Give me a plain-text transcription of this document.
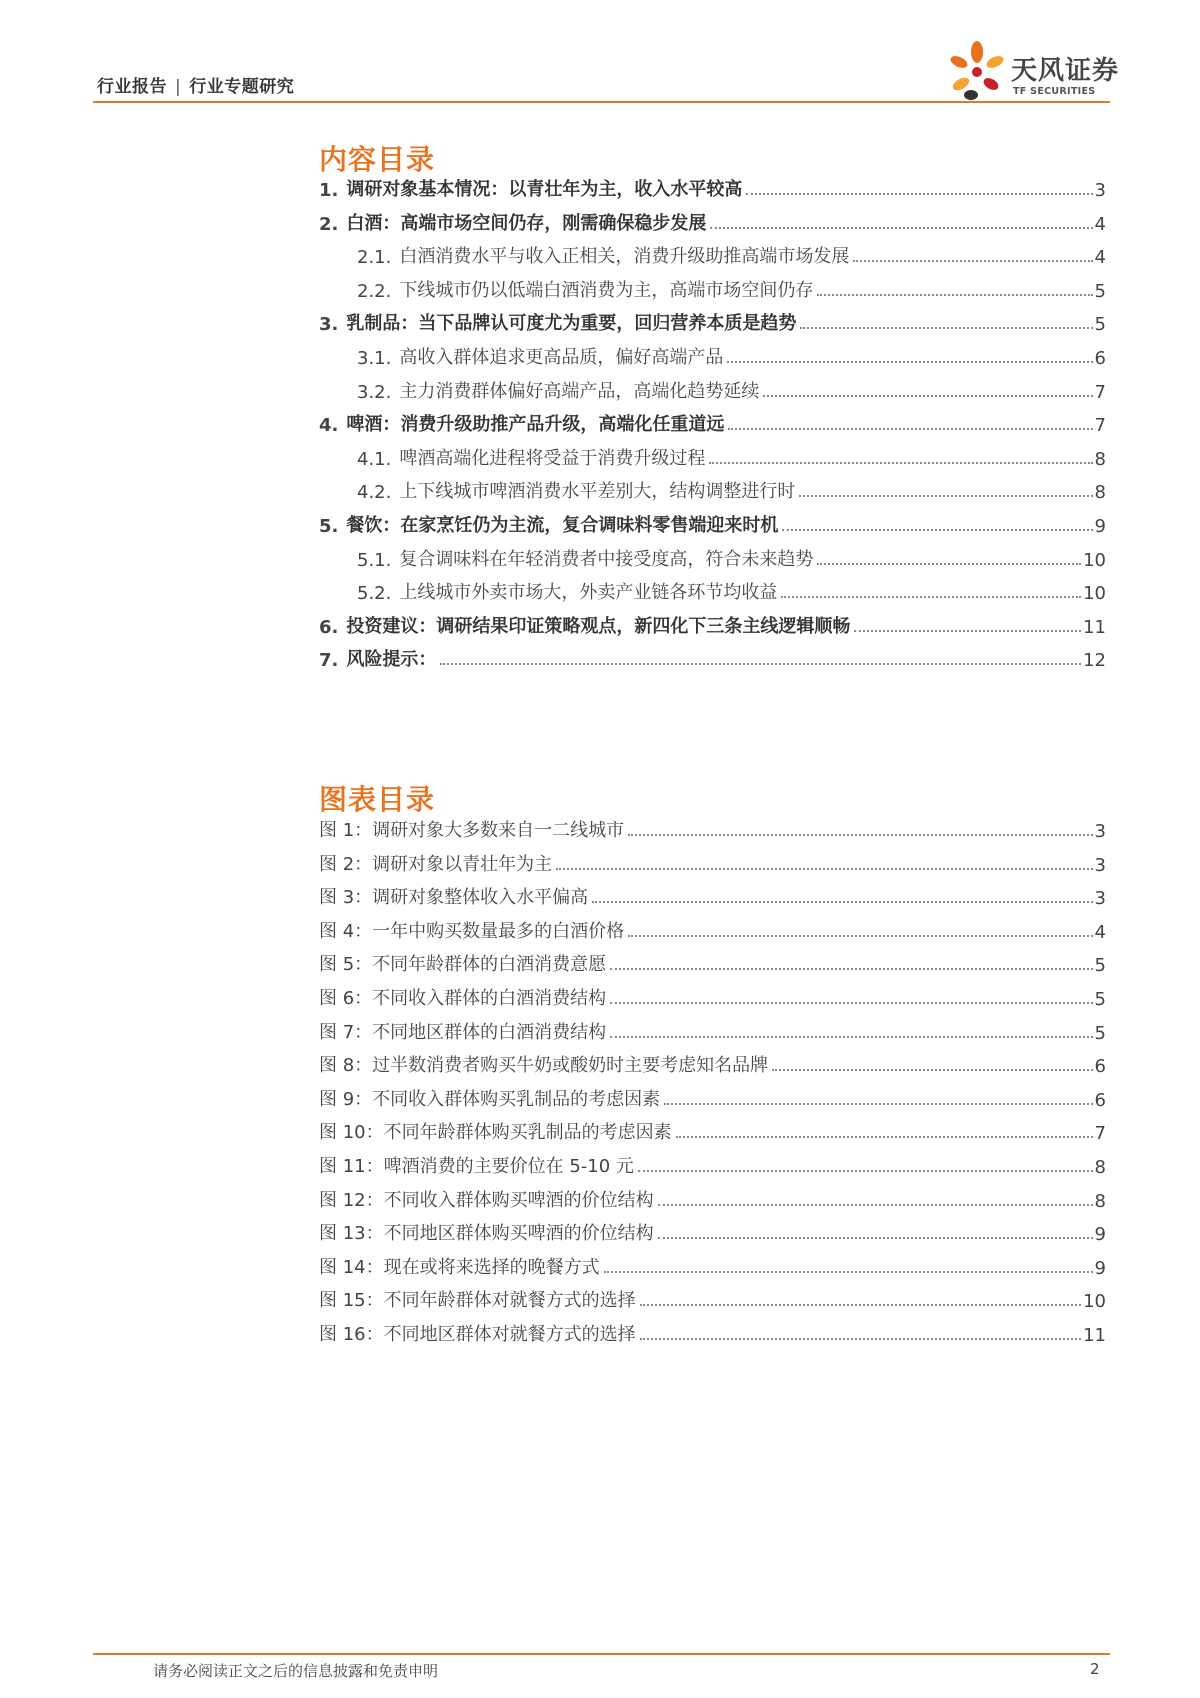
行业报告 | 行业专题研究
天风证券
TF SECURITIES
内容目录
1. 调研对象基本情况：以青壮年为主，收入水平较高	3
2. 白酒：高端市场空间仍存，刚需确保稳步发展	4
2.1. 白酒消费水平与收入正相关，消费升级助推高端市场发展	4
2.2. 下线城市仍以低端白酒消费为主，高端市场空间仍存	5
3. 乳制品：当下品牌认可度尤为重要，回归营养本质是趋势	5
3.1. 高收入群体追求更高品质，偏好高端产品	6
3.2. 主力消费群体偏好高端产品，高端化趋势延续	7
4. 啤酒：消费升级助推产品升级，高端化任重道远	7
4.1. 啤酒高端化进程将受益于消费升级过程	8
4.2. 上下线城市啤酒消费水平差别大，结构调整进行时	8
5. 餐饮：在家烹饪仍为主流，复合调味料零售端迎来时机	9
5.1. 复合调味料在年轻消费者中接受度高，符合未来趋势	10
5.2. 上线城市外卖市场大，外卖产业链各环节均收益	10
6. 投资建议：调研结果印证策略观点，新四化下三条主线逻辑顺畅	11
7. 风险提示：	12
图表目录
图 1：调研对象大多数来自一二线城市	3
图 2：调研对象以青壮年为主	3
图 3：调研对象整体收入水平偏高	3
图 4：一年中购买数量最多的白酒价格	4
图 5：不同年龄群体的白酒消费意愿	5
图 6：不同收入群体的白酒消费结构	5
图 7：不同地区群体的白酒消费结构	5
图 8：过半数消费者购买牛奶或酸奶时主要考虑知名品牌	6
图 9：不同收入群体购买乳制品的考虑因素	6
图 10：不同年龄群体购买乳制品的考虑因素	7
图 11：啤酒消费的主要价位在 5-10 元	8
图 12：不同收入群体购买啤酒的价位结构	8
图 13：不同地区群体购买啤酒的价位结构	9
图 14：现在或将来选择的晚餐方式	9
图 15：不同年龄群体对就餐方式的选择	10
图 16：不同地区群体对就餐方式的选择	11
请务必阅读正文之后的信息披露和免责申明	2
